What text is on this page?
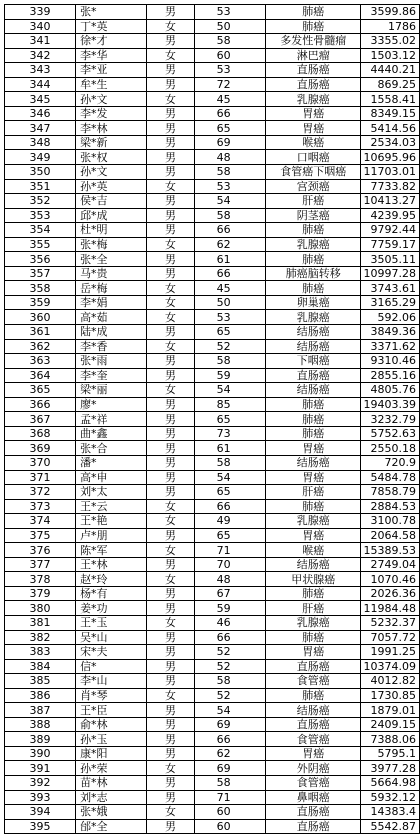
339	张*	男	53	肺癌	3599.86
340	丁*英	女	50	肺癌	1786
341	徐*才	男	58	多发性骨髓瘤	3355.02
342	李*华	女	60	淋巴瘤	1503.12
343	李*亚	男	53	直肠癌	4440.21
344	牟*生	男	72	直肠癌	869.25
345	孙*文	女	45	乳腺癌	1558.41
346	李*发	男	66	胃癌	8349.15
347	李*林	男	65	胃癌	5414.56
348	梁*新	男	69	喉癌	2534.03
349	张*权	男	48	口咽癌	10695.96
350	孙*文	男	58	食管癌下咽癌	11703.01
351	孙*英	女	53	宫颈癌	7733.82
352	侯*吉	男	54	肝癌	10413.27
353	邱*成	男	58	阴茎癌	4239.95
354	杜*明	男	66	肺癌	9792.44
355	张*梅	女	62	乳腺癌	7759.17
356	张*全	男	61	肺癌	3505.11
357	马*贵	男	66	肺癌脑转移	10997.28
358	岳*梅	女	45	肺癌	3743.61
359	李*娟	女	50	卵巢癌	3165.29
360	高*茹	女	53	乳腺癌	592.06
361	陆*成	男	65	结肠癌	3849.36
362	李*香	女	52	结肠癌	3371.62
363	张*雨	男	58	下咽癌	9310.46
364	李*奎	男	59	直肠癌	2855.16
365	梁*丽	女	54	结肠癌	4805.76
366	廖*	男	85	肺癌	19403.39
367	孟*祥	男	65	肺癌	3232.79
368	曲*鑫	男	73	肺癌	5752.63
369	张*合	男	61	胃癌	2550.18
370	潘*	男	58	结肠癌	720.9
371	高*申	男	54	胃癌	5484.78
372	刘*太	男	65	肝癌	7858.79
373	王*云	女	66	肺癌	2884.53
374	王*艳	女	49	乳腺癌	3100.78
375	卢*朋	男	65	胃癌	2064.58
376	陈*军	女	71	喉癌	15389.53
377	王*林	男	70	结肠癌	2749.04
378	赵*玲	女	48	甲状腺癌	1070.46
379	杨*有	男	67	肺癌	2026.36
380	姜*功	男	59	肝癌	11984.48
381	王*玉	女	46	乳腺癌	5232.37
382	吴*山	男	66	肺癌	7057.72
383	宋*夫	男	52	胃癌	1991.25
384	信*	男	52	直肠癌	10374.09
385	李*山	男	58	食管癌	4012.82
386	肖*琴	女	52	肺癌	1730.85
387	王*臣	男	54	结肠癌	1879.01
388	俞*林	男	69	直肠癌	2409.15
389	孙*玉	男	66	食管癌	7388.06
390	康*阳	男	62	胃癌	5795.1
391	孙*荣	女	69	外阴癌	3977.28
392	苗*林	男	58	食管癌	5664.98
393	刘*志	男	71	鼻咽癌	5932.12
394	张*娥	女	60	直肠癌	14383.4
395	邰*全	男	60	直肠癌	5542.87
